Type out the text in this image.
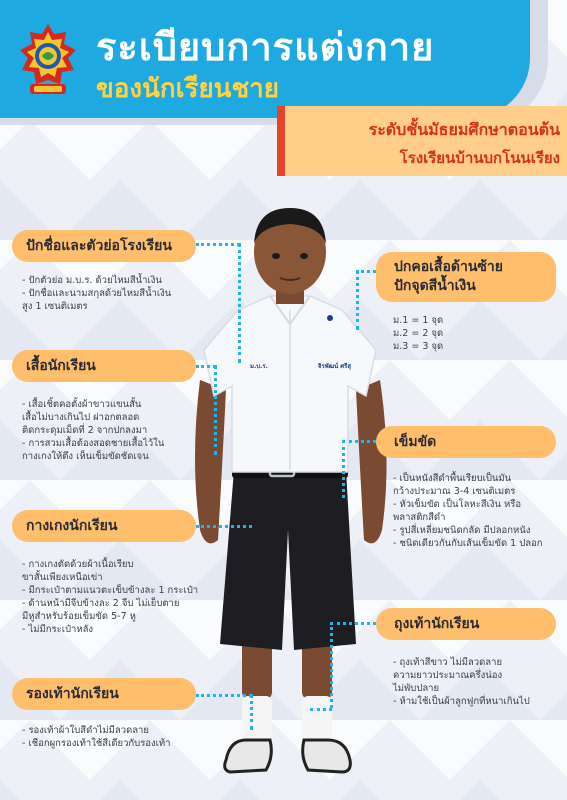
ระเบียบการแต่งกาย
ของนักเรียนชาย
ระดับชั้นมัธยมศึกษาตอนต้น
โรงเรียนบ้านบกโนนเรียง
ม.บ.ร.	จิรพัฒน์ ศรีสุ
ปักชื่อและตัวย่อโรงเรียน
- ปักตัวย่อ ม.บ.ร. ด้วยไหมสีน้ำเงิน
- ปักชื่อและนามสกุลด้วยไหมสีน้ำเงิน
สูง 1 เซนติเมตร
เสื้อนักเรียน
- เสื้อเชิ้ตคอตั้งผ้าขาวแขนสั้น
เสื้อไม่บางเกินไป ผ่าอกตลอด
ติดกระดุมเม็ดที่ 2 จากปกลงมา
- การสวมเสื้อต้องสอดชายเสื้อไว้ใน
กางเกงให้ตึง เห็นเข็มขัดชัดเจน
กางเกงนักเรียน
- กางเกงตัดด้วยผ้าเนื้อเรียบ
ขาสั้นเพียงเหนือเข่า
- มีกระเป๋าตามแนวตะเข็บข้างละ 1 กระเป๋า
- ด้านหน้ามีจีบข้างละ 2 จีบ ไม่เย็บตาย
มีหูสำหรับร้อยเข็มขัด 5-7 หู
- ไม่มีกระเป๋าหลัง
รองเท้านักเรียน
- รองเท้าผ้าใบสีดำไม่มีลวดลาย
- เชือกผูกรองเท้าใช้สีเดียวกับรองเท้า
ปกคอเสื้อด้านซ้าย
ปักจุดสีน้ำเงิน
ม.1 = 1 จุด
ม.2 = 2 จุด
ม.3 = 3 จุด
เข็มขัด
- เป็นหนังสีดำพื้นเรียบเป็นมัน
กว้างประมาณ 3-4 เซนติเมตร
- หัวเข็มขัด เป็นโลหะสีเงิน หรือ
พลาสติกสีดำ
- รูปสี่เหลี่ยมชนิดกลัด มีปลอกหนัง
- ชนิดเดียวกันกับเส้นเข็มขัด 1 ปลอก
ถุงเท้านักเรียน
- ถุงเท้าสีขาว ไม่มีลวดลาย
ความยาวประมาณครึ่งน่อง
ไม่พับปลาย
- ห้ามใช้เป็นผ้าลูกฟูกที่หนาเกินไป
